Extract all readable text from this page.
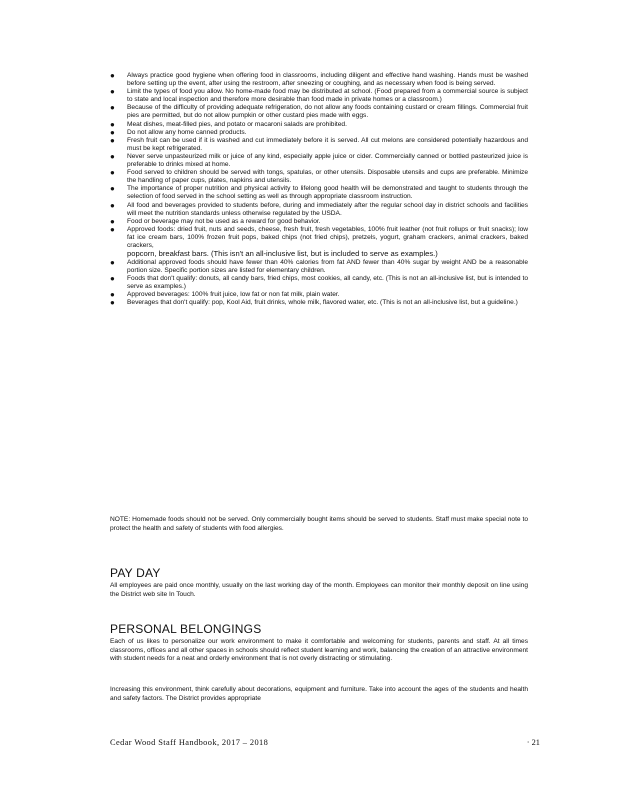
● Always practice good hygiene when offering food in classrooms, including diligent and effective hand washing. Hands must be washed before setting up the event, after using the restroom, after sneezing or coughing, and as necessary when food is being served.
● Limit the types of food you allow. No home-made food may be distributed at school. (Food prepared from a commercial source is subject to state and local inspection and therefore more desirable than food made in private homes or a classroom.)
● Because of the difficulty of providing adequate refrigeration, do not allow any foods containing custard or cream fillings. Commercial fruit pies are permitted, but do not allow pumpkin or other custard pies made with eggs.
● Meat dishes, meat-filled pies, and potato or macaroni salads are prohibited.
● Do not allow any home canned products.
● Fresh fruit can be used if it is washed and cut immediately before it is served. All cut melons are considered potentially hazardous and must be kept refrigerated.
● Never serve unpasteurized milk or juice of any kind, especially apple juice or cider. Commercially canned or bottled pasteurized juice is preferable to drinks mixed at home.
● Food served to children should be served with tongs, spatulas, or other utensils. Disposable utensils and cups are preferable. Minimize the handling of paper cups, plates, napkins and utensils.
● The importance of proper nutrition and physical activity to lifelong good health will be demonstrated and taught to students through the selection of food served in the school setting as well as through appropriate classroom instruction.
● All food and beverages provided to students before, during and immediately after the regular school day in district schools and facilities will meet the nutrition standards unless otherwise regulated by the USDA.
● Food or beverage may not be used as a reward for good behavior.
● Approved foods: dried fruit, nuts and seeds, cheese, fresh fruit, fresh vegetables, 100% fruit leather (not fruit rollups or fruit snacks); low fat ice cream bars, 100% frozen fruit pops, baked chips (not fried chips), pretzels, yogurt, graham crackers, animal crackers, baked crackers,
popcorn, breakfast bars. (This isn't an all-inclusive list, but is included to serve as examples.)
● Additional approved foods should have fewer than 40% calories from fat AND fewer than 40% sugar by weight AND be a reasonable portion size. Specific portion sizes are listed for elementary children.
● Foods that don't qualify: donuts, all candy bars, fried chips, most cookies, all candy, etc. (This is not an all-inclusive list, but is intended to serve as examples.)
● Approved beverages: 100% fruit juice, low fat or non fat milk, plain water.
● Beverages that don't qualify: pop, Kool Aid, fruit drinks, whole milk, flavored water, etc. (This is not an all-inclusive list, but a guideline.)

NOTE: Homemade foods should not be served. Only commercially bought items should be served to students. Staff must make special note to protect the health and safety of students with food allergies.

PAY DAY

All employees are paid once monthly, usually on the last working day of the month. Employees can monitor their monthly deposit on line using the District web site In Touch.

PERSONAL BELONGINGS

Each of us likes to personalize our work environment to make it comfortable and welcoming for students, parents and staff. At all times classrooms, offices and all other spaces in schools should reflect student learning and work, balancing the creation of an attractive environment with student needs for a neat and orderly environment that is not overly distracting or stimulating.

Increasing this environment, think carefully about decorations, equipment and furniture. Take into account the ages of the students and health and safety factors. The District provides appropriate

Cedar Wood Staff Handbook, 2017 – 2018	· 21
